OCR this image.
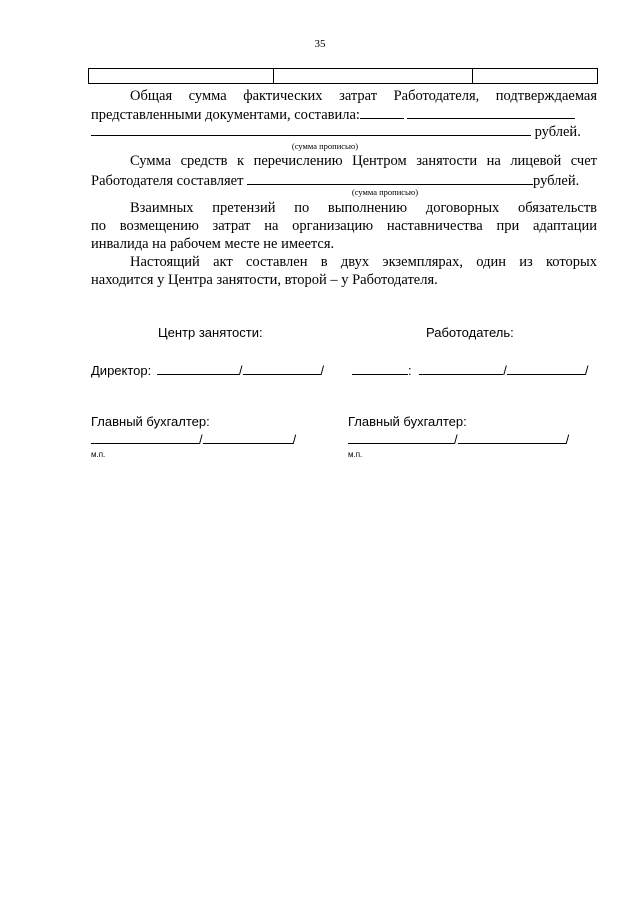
35

Общая сумма фактических затрат Работодателя, подтверждаемая
представленными документами, составила:
рублей.
(сумма прописью)
Сумма средств к перечислению Центром занятости на лицевой счет
Работодателя составляет	рублей.
(сумма прописью)
Взаимных претензий по выполнению договорных обязательств
по возмещению затрат на организацию наставничества при адаптации
инвалида на рабочем месте не имеется.
Настоящий акт составлен в двух экземплярах, один из которых
находится у Центра занятости, второй – у Работодателя.
Центр занятости:	Работодатель:
Директор:	/	/	:	/	/
Главный бухгалтер:	Главный бухгалтер:
/	/	/	/
м.п.	м.п.
